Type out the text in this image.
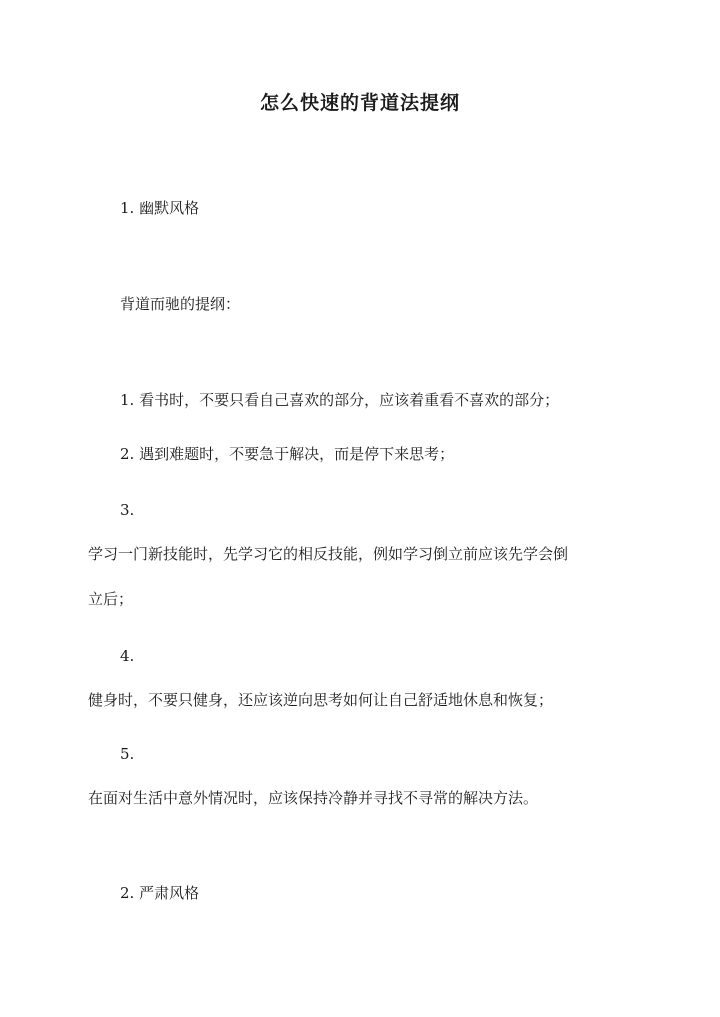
怎么快速的背道法提纲
1. 幽默风格
背道而驰的提纲：
1. 看书时，不要只看自己喜欢的部分，应该着重看不喜欢的部分；
2. 遇到难题时，不要急于解决，而是停下来思考；
3.
学习一门新技能时，先学习它的相反技能，例如学习倒立前应该先学会倒
立后；
4.
健身时，不要只健身，还应该逆向思考如何让自己舒适地休息和恢复；
5.
在面对生活中意外情况时，应该保持冷静并寻找不寻常的解决方法。
2. 严肃风格
